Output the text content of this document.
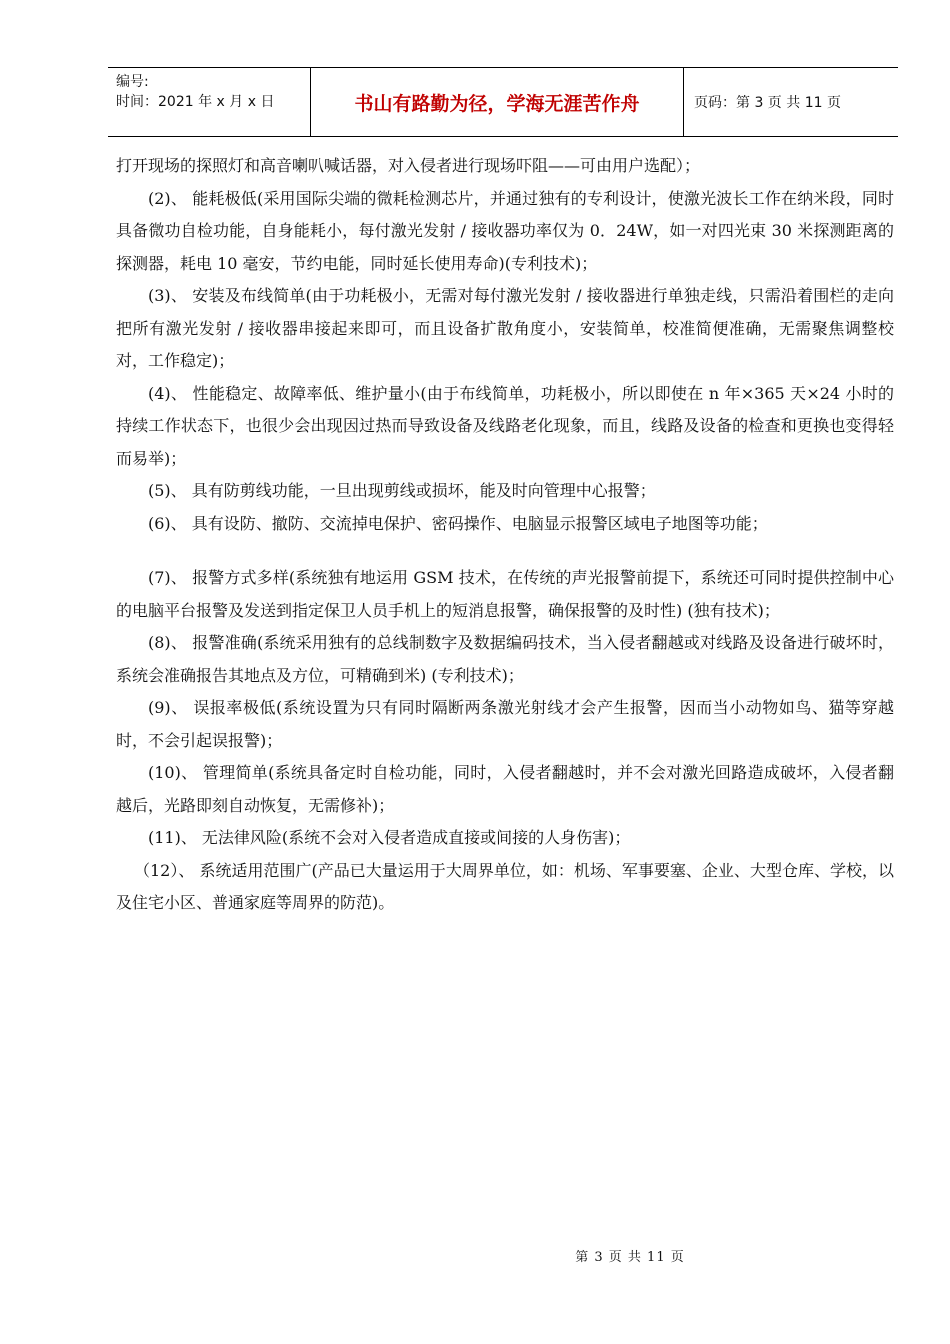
编号:
时间：2021 年 x 月 x 日	书山有路勤为径，学海无涯苦作舟	页码：第 3 页 共 11 页

打开现场的探照灯和高音喇叭喊话器，对入侵者进行现场吓阻——可由用户选配）；

(2)、 能耗极低(采用国际尖端的微耗检测芯片，并通过独有的专利设计，使激光波长工作在纳米段，同时具备微功自检功能，自身能耗小，每付激光发射 / 接收器功率仅为 0．24W，如一对四光束 30 米探测距离的探测器，耗电 10 毫安，节约电能，同时延长使用寿命)(专利技术)；

(3)、 安装及布线简单(由于功耗极小，无需对每付激光发射 / 接收器进行单独走线，只需沿着围栏的走向把所有激光发射 / 接收器串接起来即可，而且设备扩散角度小，安装简单，校准简便准确，无需聚焦调整校对，工作稳定)；

(4)、 性能稳定、故障率低、维护量小(由于布线简单，功耗极小，所以即使在 n 年×365 天×24 小时的持续工作状态下，也很少会出现因过热而导致设备及线路老化现象，而且，线路及设备的检查和更换也变得轻而易举)；

(5)、 具有防剪线功能，一旦出现剪线或损坏，能及时向管理中心报警；

(6)、 具有设防、撤防、交流掉电保护、密码操作、电脑显示报警区域电子地图等功能；

(7)、 报警方式多样(系统独有地运用 GSM 技术，在传统的声光报警前提下，系统还可同时提供控制中心的电脑平台报警及发送到指定保卫人员手机上的短消息报警，确保报警的及时性) (独有技术)；

(8)、 报警准确(系统采用独有的总线制数字及数据编码技术，当入侵者翻越或对线路及设备进行破坏时，系统会准确报告其地点及方位，可精确到米) (专利技术)；

(9)、 误报率极低(系统设置为只有同时隔断两条激光射线才会产生报警，因而当小动物如鸟、猫等穿越时，不会引起误报警)；

(10)、 管理简单(系统具备定时自检功能，同时，入侵者翻越时，并不会对激光回路造成破坏，入侵者翻越后，光路即刻自动恢复，无需修补)；

(11)、 无法律风险(系统不会对入侵者造成直接或间接的人身伤害)；

（12）、 系统适用范围广(产品已大量运用于大周界单位，如：机场、军事要塞、企业、大型仓库、学校，以及住宅小区、普通家庭等周界的防范)。

第 3 页 共 11 页
